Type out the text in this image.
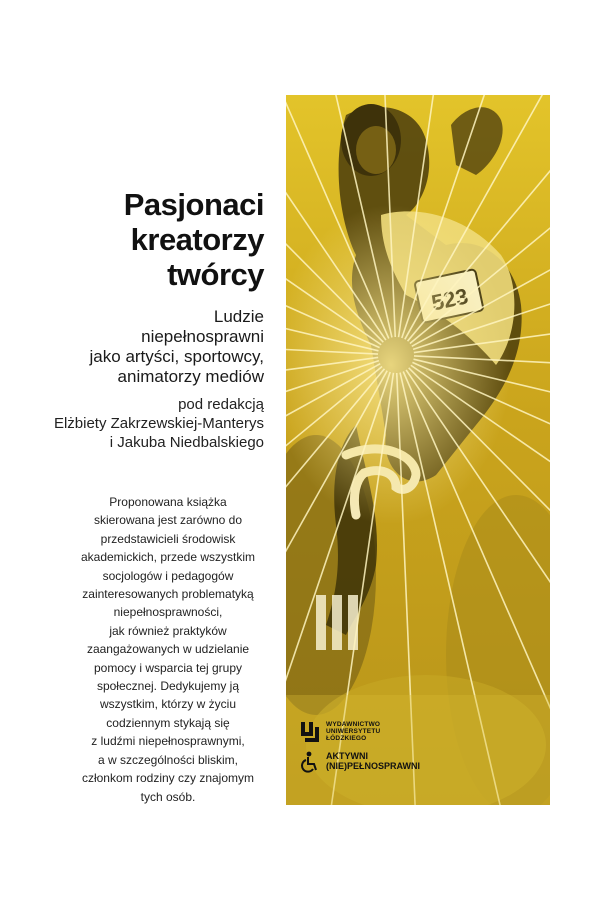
Pasjonaci
kreatorzy
twórcy
Ludzie
niepełnosprawni
jako artyści, sportowcy,
animatorzy mediów
pod redakcją
Elżbiety Zakrzewskiej-Manterys
i Jakuba Niedbalskiego
Proponowana książka
skierowana jest zarówno do
przedstawicieli środowisk
akademickich, przede wszystkim
socjologów i pedagogów
zainteresowanych problematyką
niepełnosprawności,
jak również praktyków
zaangażowanych w udzielanie
pomocy i wsparcia tej grupy
społecznej. Dedykujemy ją
wszystkim, którzy w życiu
codziennym stykają się
z ludźmi niepełnosprawnymi,
a w szczególności bliskim,
członkom rodziny czy znajomym
tych osób.
WYDAWNICTWO
UNIWERSYTETU
ŁÓDZKIEGO
AKTYWNI
(NIE)PEŁNOSPRAWNI
